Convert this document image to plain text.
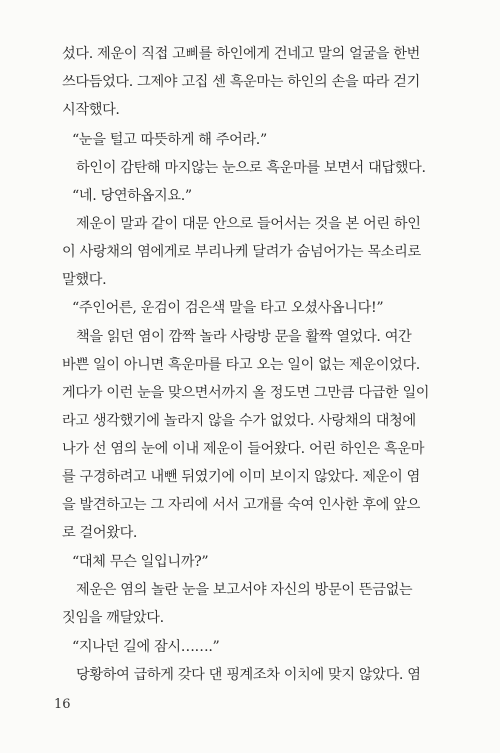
섰다. 제운이 직접 고삐를 하인에게 건네고 말의 얼굴을 한번
쓰다듬었다. 그제야 고집 센 흑운마는 하인의 손을 따라 걷기
시작했다.
“눈을 털고 따뜻하게 해 주어라.”
하인이 감탄해 마지않는 눈으로 흑운마를 보면서 대답했다.
“네. 당연하옵지요.”
제운이 말과 같이 대문 안으로 들어서는 것을 본 어린 하인
이 사랑채의 염에게로 부리나케 달려가 숨넘어가는 목소리로
말했다.
“주인어른, 운검이 검은색 말을 타고 오셨사옵니다!”
책을 읽던 염이 깜짝 놀라 사랑방 문을 활짝 열었다. 여간
바쁜 일이 아니면 흑운마를 타고 오는 일이 없는 제운이었다.
게다가 이런 눈을 맞으면서까지 올 정도면 그만큼 다급한 일이
라고 생각했기에 놀라지 않을 수가 없었다. 사랑채의 대청에
나가 선 염의 눈에 이내 제운이 들어왔다. 어린 하인은 흑운마
를 구경하려고 내뺀 뒤였기에 이미 보이지 않았다. 제운이 염
을 발견하고는 그 자리에 서서 고개를 숙여 인사한 후에 앞으
로 걸어왔다.
“대체 무슨 일입니까?”
제운은 염의 놀란 눈을 보고서야 자신의 방문이 뜬금없는
짓임을 깨달았다.
“지나던 길에 잠시…….”
당황하여 급하게 갖다 댄 핑계조차 이치에 맞지 않았다. 염
16
